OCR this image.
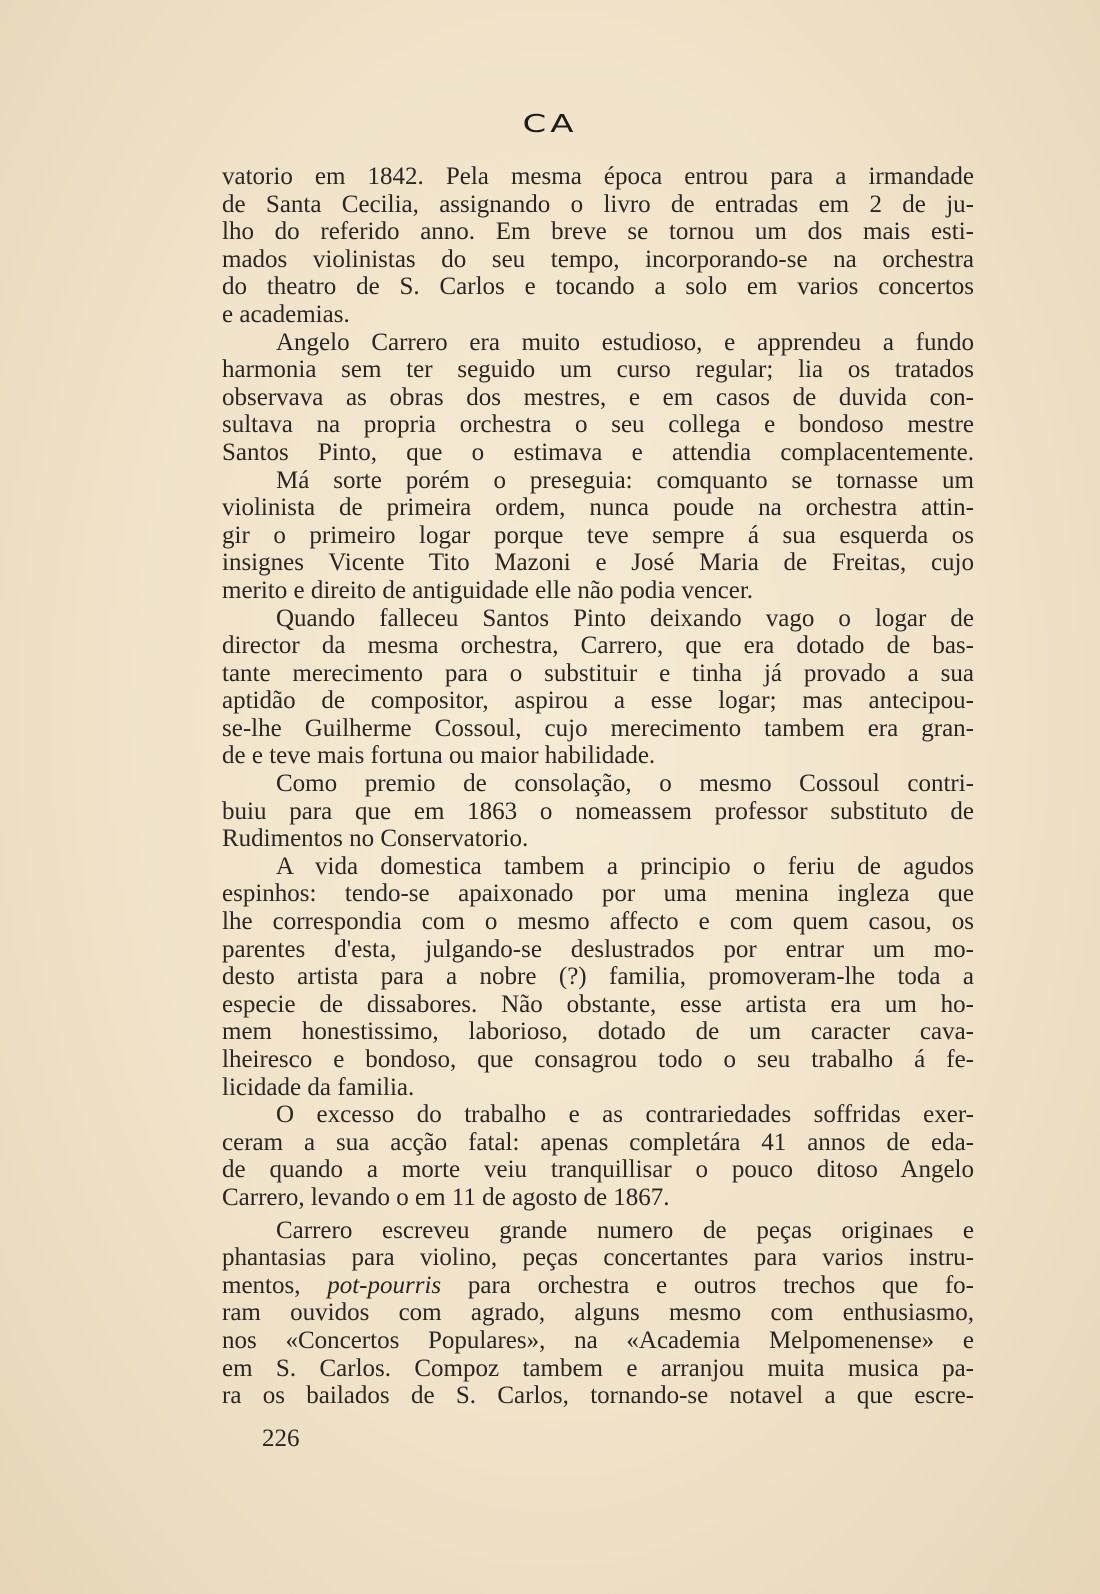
CA
vatorio em 1842. Pela mesma época entrou para a irmandade
de Santa Cecilia, assignando o livro de entradas em 2 de ju-
lho do referido anno. Em breve se tornou um dos mais esti-
mados violinistas do seu tempo, incorporando-se na orchestra
do theatro de S. Carlos e tocando a solo em varios concertos
e academias.
Angelo Carrero era muito estudioso, e apprendeu a fundo
harmonia sem ter seguido um curso regular; lia os tratados
observava as obras dos mestres, e em casos de duvida con-
sultava na propria orchestra o seu collega e bondoso mestre
Santos Pinto, que o estimava e attendia complacentemente.
Má sorte porém o preseguia: comquanto se tornasse um
violinista de primeira ordem, nunca poude na orchestra attin-
gir o primeiro logar porque teve sempre á sua esquerda os
insignes Vicente Tito Mazoni e José Maria de Freitas, cujo
merito e direito de antiguidade elle não podia vencer.
Quando falleceu Santos Pinto deixando vago o logar de
director da mesma orchestra, Carrero, que era dotado de bas-
tante merecimento para o substituir e tinha já provado a sua
aptidão de compositor, aspirou a esse logar; mas antecipou-
se-lhe Guilherme Cossoul, cujo merecimento tambem era gran-
de e teve mais fortuna ou maior habilidade.
Como premio de consolação, o mesmo Cossoul contri-
buiu para que em 1863 o nomeassem professor substituto de
Rudimentos no Conservatorio.
A vida domestica tambem a principio o feriu de agudos
espinhos: tendo-se apaixonado por uma menina ingleza que
lhe correspondia com o mesmo affecto e com quem casou, os
parentes d'esta, julgando-se deslustrados por entrar um mo-
desto artista para a nobre (?) familia, promoveram-lhe toda a
especie de dissabores. Não obstante, esse artista era um ho-
mem honestissimo, laborioso, dotado de um caracter cava-
lheiresco e bondoso, que consagrou todo o seu trabalho á fe-
licidade da familia.
O excesso do trabalho e as contrariedades soffridas exer-
ceram a sua acção fatal: apenas completára 41 annos de eda-
de quando a morte veiu tranquillisar o pouco ditoso Angelo
Carrero, levando o em 11 de agosto de 1867.
Carrero escreveu grande numero de peças originaes e
phantasias para violino, peças concertantes para varios instru-
mentos, pot-pourris para orchestra e outros trechos que fo-
ram ouvidos com agrado, alguns mesmo com enthusiasmo,
nos «Concertos Populares», na «Academia Melpomenense» e
em S. Carlos. Compoz tambem e arranjou muita musica pa-
ra os bailados de S. Carlos, tornando-se notavel a que escre-
226
